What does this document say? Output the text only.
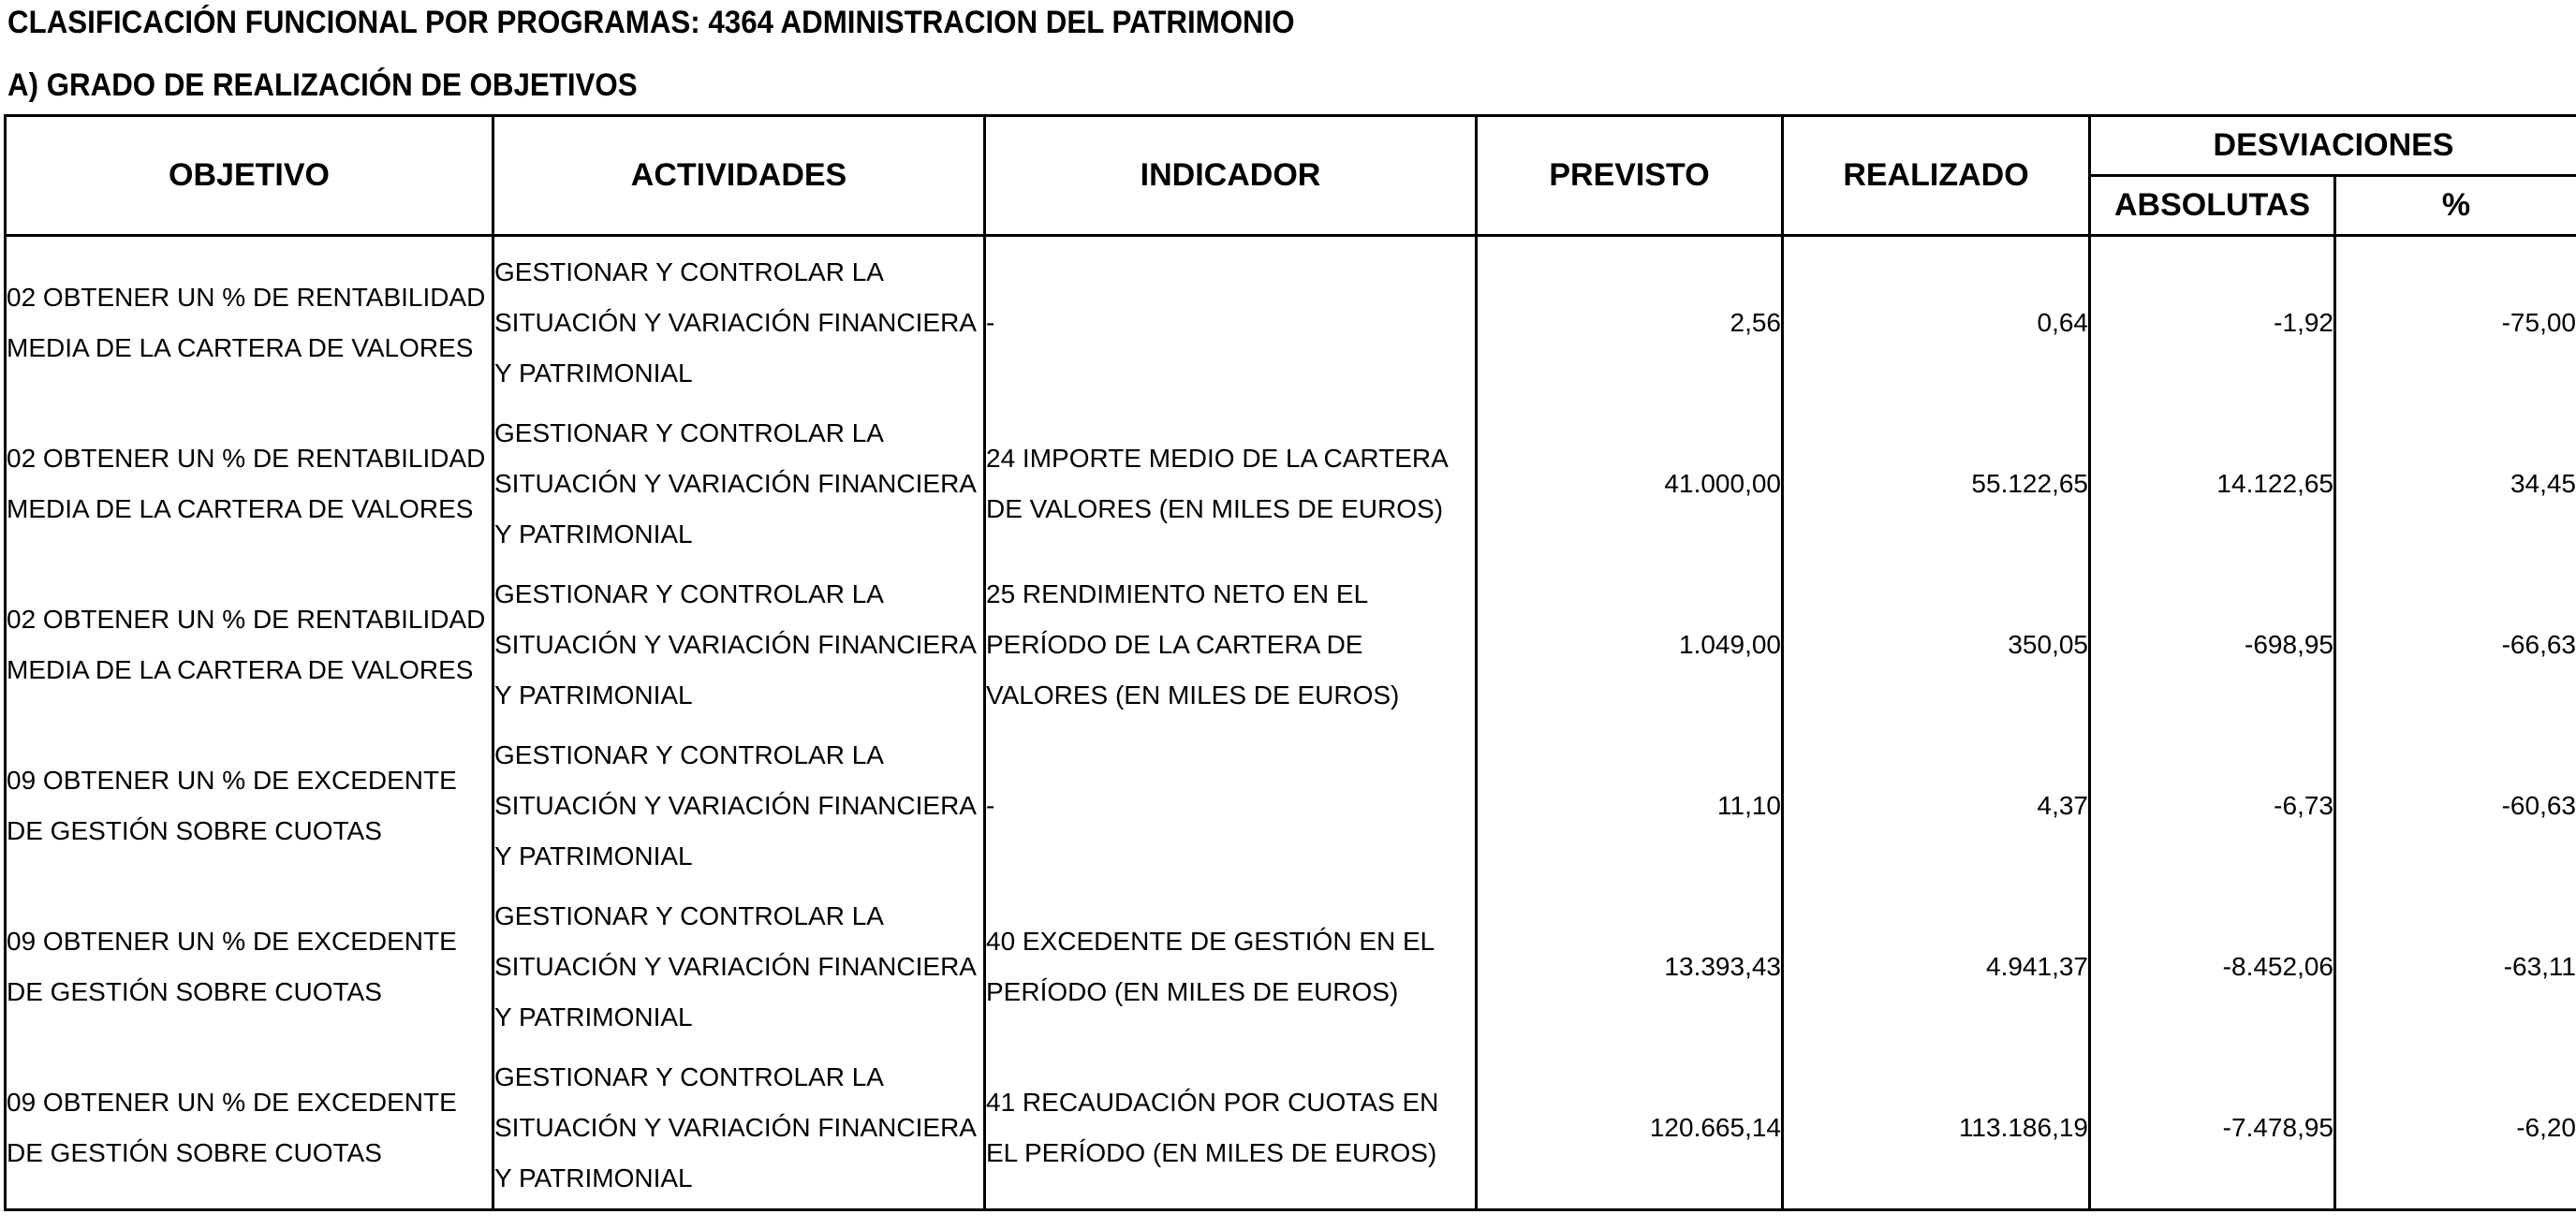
CLASIFICACIÓN FUNCIONAL POR PROGRAMAS: 4364 ADMINISTRACION DEL PATRIMONIO
A) GRADO DE REALIZACIÓN DE OBJETIVOS
OBJETIVO	ACTIVIDADES	INDICADOR	PREVISTO	REALIZADO	DESVIACIONES	
					ABSOLUTAS	%
02 OBTENER UN % DE RENTABILIDAD MEDIA DE LA CARTERA DE VALORES	GESTIONAR Y CONTROLAR LA SITUACIÓN Y VARIACIÓN FINANCIERA Y PATRIMONIAL	-	2,56	0,64	-1,92	-75,00
02 OBTENER UN % DE RENTABILIDAD MEDIA DE LA CARTERA DE VALORES	GESTIONAR Y CONTROLAR LA SITUACIÓN Y VARIACIÓN FINANCIERA Y PATRIMONIAL	24 IMPORTE MEDIO DE LA CARTERA DE VALORES (EN MILES DE EUROS)	41.000,00	55.122,65	14.122,65	34,45
02 OBTENER UN % DE RENTABILIDAD MEDIA DE LA CARTERA DE VALORES	GESTIONAR Y CONTROLAR LA SITUACIÓN Y VARIACIÓN FINANCIERA Y PATRIMONIAL	25 RENDIMIENTO NETO EN EL PERÍODO DE LA CARTERA DE VALORES (EN MILES DE EUROS)	1.049,00	350,05	-698,95	-66,63
09 OBTENER UN % DE EXCEDENTE DE GESTIÓN SOBRE CUOTAS	GESTIONAR Y CONTROLAR LA SITUACIÓN Y VARIACIÓN FINANCIERA Y PATRIMONIAL	-	11,10	4,37	-6,73	-60,63
09 OBTENER UN % DE EXCEDENTE DE GESTIÓN SOBRE CUOTAS	GESTIONAR Y CONTROLAR LA SITUACIÓN Y VARIACIÓN FINANCIERA Y PATRIMONIAL	40 EXCEDENTE DE GESTIÓN EN EL PERÍODO (EN MILES DE EUROS)	13.393,43	4.941,37	-8.452,06	-63,11
09 OBTENER UN % DE EXCEDENTE DE GESTIÓN SOBRE CUOTAS	GESTIONAR Y CONTROLAR LA SITUACIÓN Y VARIACIÓN FINANCIERA Y PATRIMONIAL	41 RECAUDACIÓN POR CUOTAS EN EL PERÍODO (EN MILES DE EUROS)	120.665,14	113.186,19	-7.478,95	-6,20
